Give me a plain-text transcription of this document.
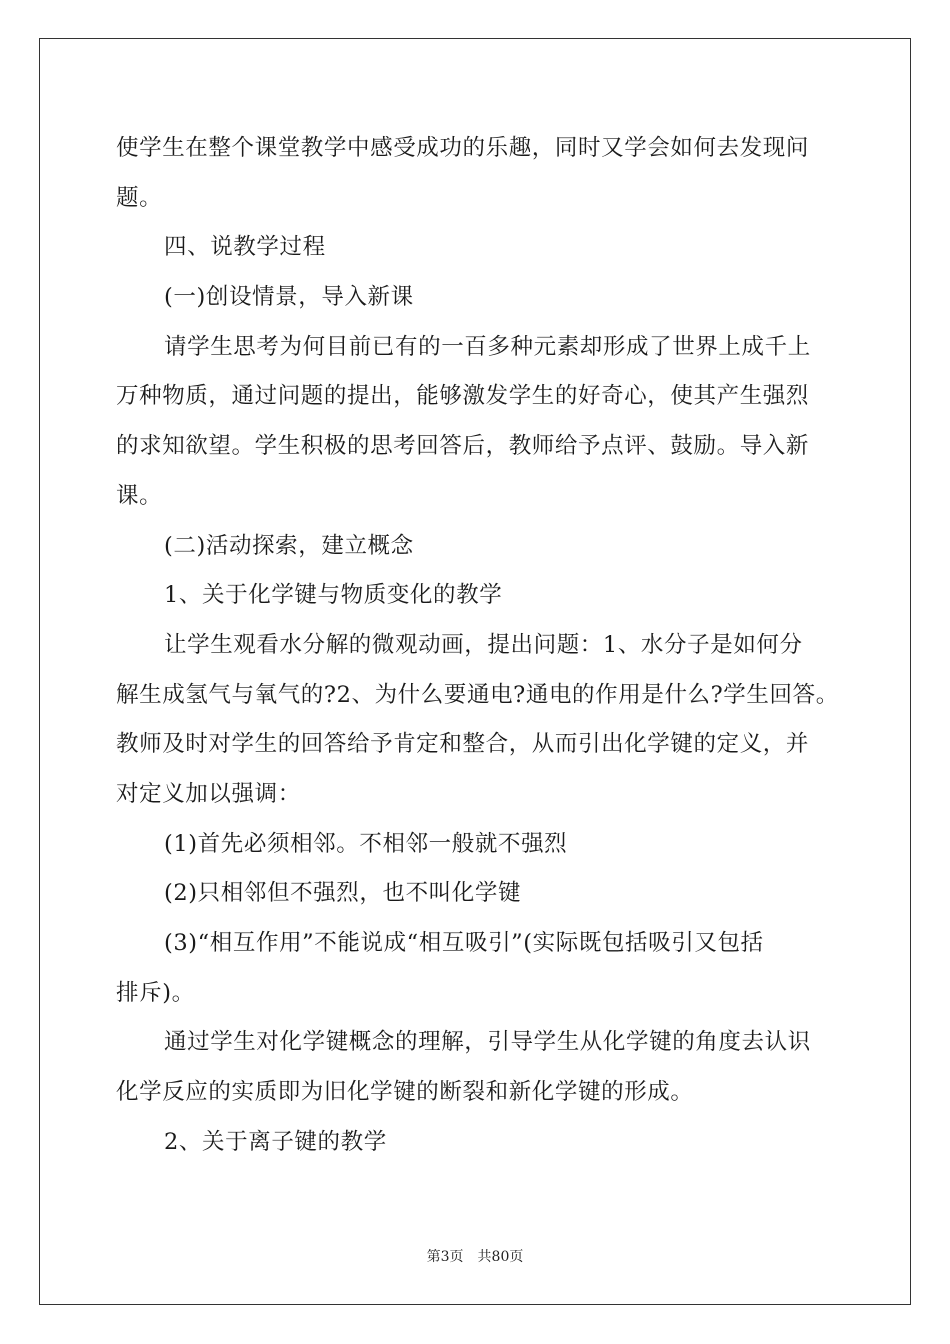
使学生在整个课堂教学中感受成功的乐趣，同时又学会如何去发现问
题。
四、说教学过程
(一)创设情景，导入新课
请学生思考为何目前已有的一百多种元素却形成了世界上成千上
万种物质，通过问题的提出，能够激发学生的好奇心，使其产生强烈
的求知欲望。学生积极的思考回答后，教师给予点评、鼓励。导入新
课。
(二)活动探索，建立概念
1、关于化学键与物质变化的教学
让学生观看水分解的微观动画，提出问题：1、水分子是如何分
解生成氢气与氧气的?2、为什么要通电?通电的作用是什么?学生回答。
教师及时对学生的回答给予肯定和整合，从而引出化学键的定义，并
对定义加以强调：
(1)首先必须相邻。不相邻一般就不强烈
(2)只相邻但不强烈，也不叫化学键
(3)“相互作用”不能说成“相互吸引”(实际既包括吸引又包括
排斥)。
通过学生对化学键概念的理解，引导学生从化学键的角度去认识
化学反应的实质即为旧化学键的断裂和新化学键的形成。
2、关于离子键的教学
第3页　共80页
